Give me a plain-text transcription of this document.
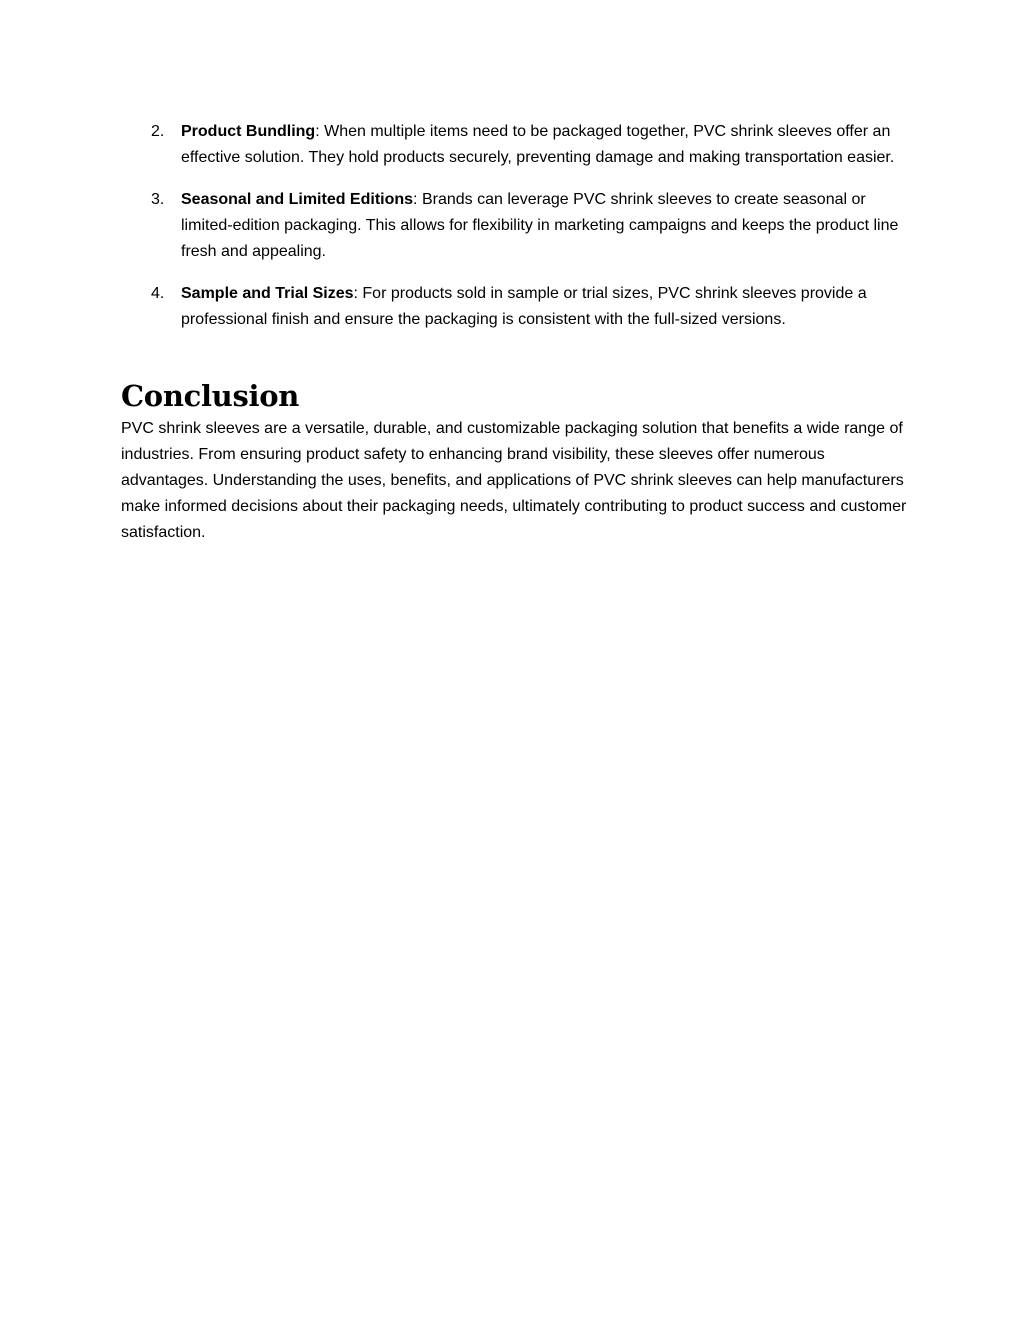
2. Product Bundling: When multiple items need to be packaged together, PVC shrink sleeves offer an effective solution. They hold products securely, preventing damage and making transportation easier.
3. Seasonal and Limited Editions: Brands can leverage PVC shrink sleeves to create seasonal or limited-edition packaging. This allows for flexibility in marketing campaigns and keeps the product line fresh and appealing.
4. Sample and Trial Sizes: For products sold in sample or trial sizes, PVC shrink sleeves provide a professional finish and ensure the packaging is consistent with the full-sized versions.
Conclusion

PVC shrink sleeves are a versatile, durable, and customizable packaging solution that benefits a wide range of industries. From ensuring product safety to enhancing brand visibility, these sleeves offer numerous advantages. Understanding the uses, benefits, and applications of PVC shrink sleeves can help manufacturers make informed decisions about their packaging needs, ultimately contributing to product success and customer satisfaction.
